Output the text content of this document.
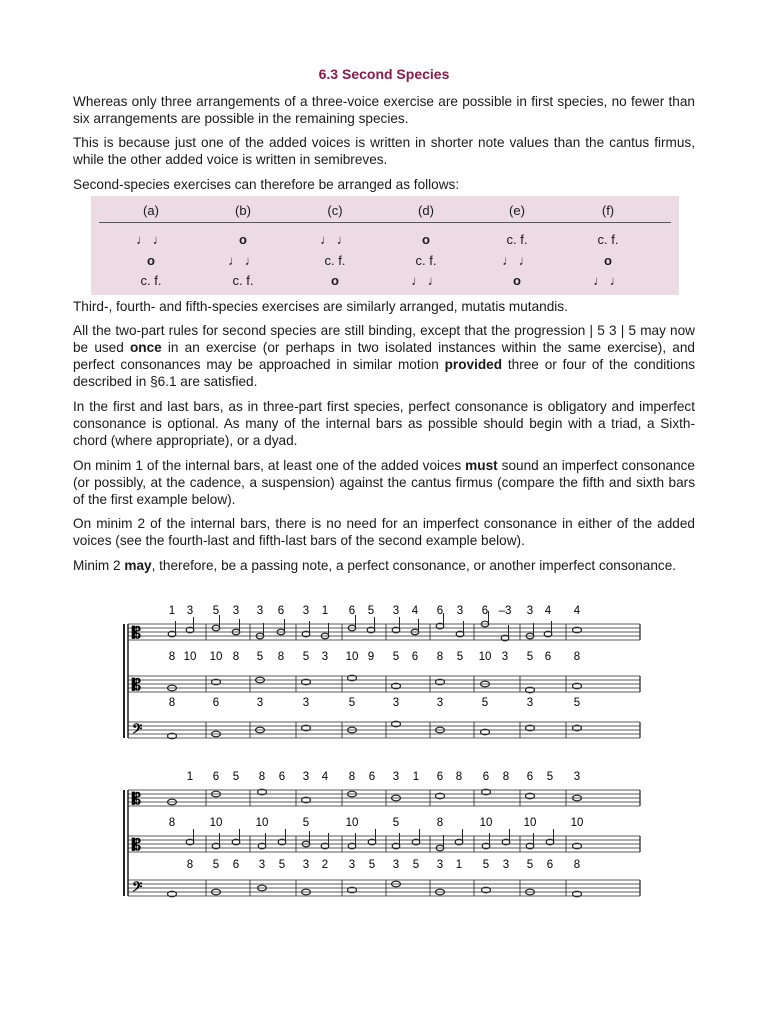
6.3 Second Species

Whereas only three arrangements of a three-voice exercise are possible in first species, no fewer than six arrangements are possible in the remaining species.

This is because just one of the added voices is written in shorter note values than the cantus firmus, while the other added voice is written in semibreves.

Second-species exercises can therefore be arranged as follows:

(a)	(b)	(c)	(d)	(e)	(f)
♩ ♩	o	♩ ♩	o	c. f.	c. f.
o	♩ ♩	c. f.	c. f.	♩ ♩	o
c. f.	c. f.	o	♩ ♩	o	♩ ♩

Third-, fourth- and fifth-species exercises are similarly arranged, mutatis mutandis.

All the two-part rules for second species are still binding, except that the progression | 5 3 | 5 may now be used once in an exercise (or perhaps in two isolated instances within the same exercise), and perfect consonances may be approached in similar motion provided three or four of the conditions described in §6.1 are satisfied.

In the first and last bars, as in three-part first species, perfect consonance is obligatory and imperfect consonance is optional. As many of the internal bars as possible should begin with a triad, a Sixth-chord (where appropriate), or a dyad.

On minim 1 of the internal bars, at least one of the added voices must sound an imperfect consonance (or possibly, at the cadence, a suspension) against the cantus firmus (compare the fifth and sixth bars of the first example below).

On minim 2 of the internal bars, there is no need for an imperfect consonance in either of the added voices (see the fourth-last and fifth-last bars of the second example below).

Minim 2 may, therefore, be a passing note, a perfect consonance, or another imperfect consonance.

𝄡
𝄡
𝄢
1 3 5 3 3 6 3 1 6 5 3 4 6 3 6 –3 3 4 4
8 10 10 8 5 8 5 3 10 9 5 6 8 5 10 3 5 6 8
8	6	3	3	5	3	3	5	3	5
𝄡
𝄡
𝄢
1 6 5 8 6 3 4 8 6 3 1 6 8 6 8 6 5 3
8	10	10	5	10	5	8	10	10	10
8 5 6 3 5 3 2 3 5 3 5 3 1 5 3 5 6 8
